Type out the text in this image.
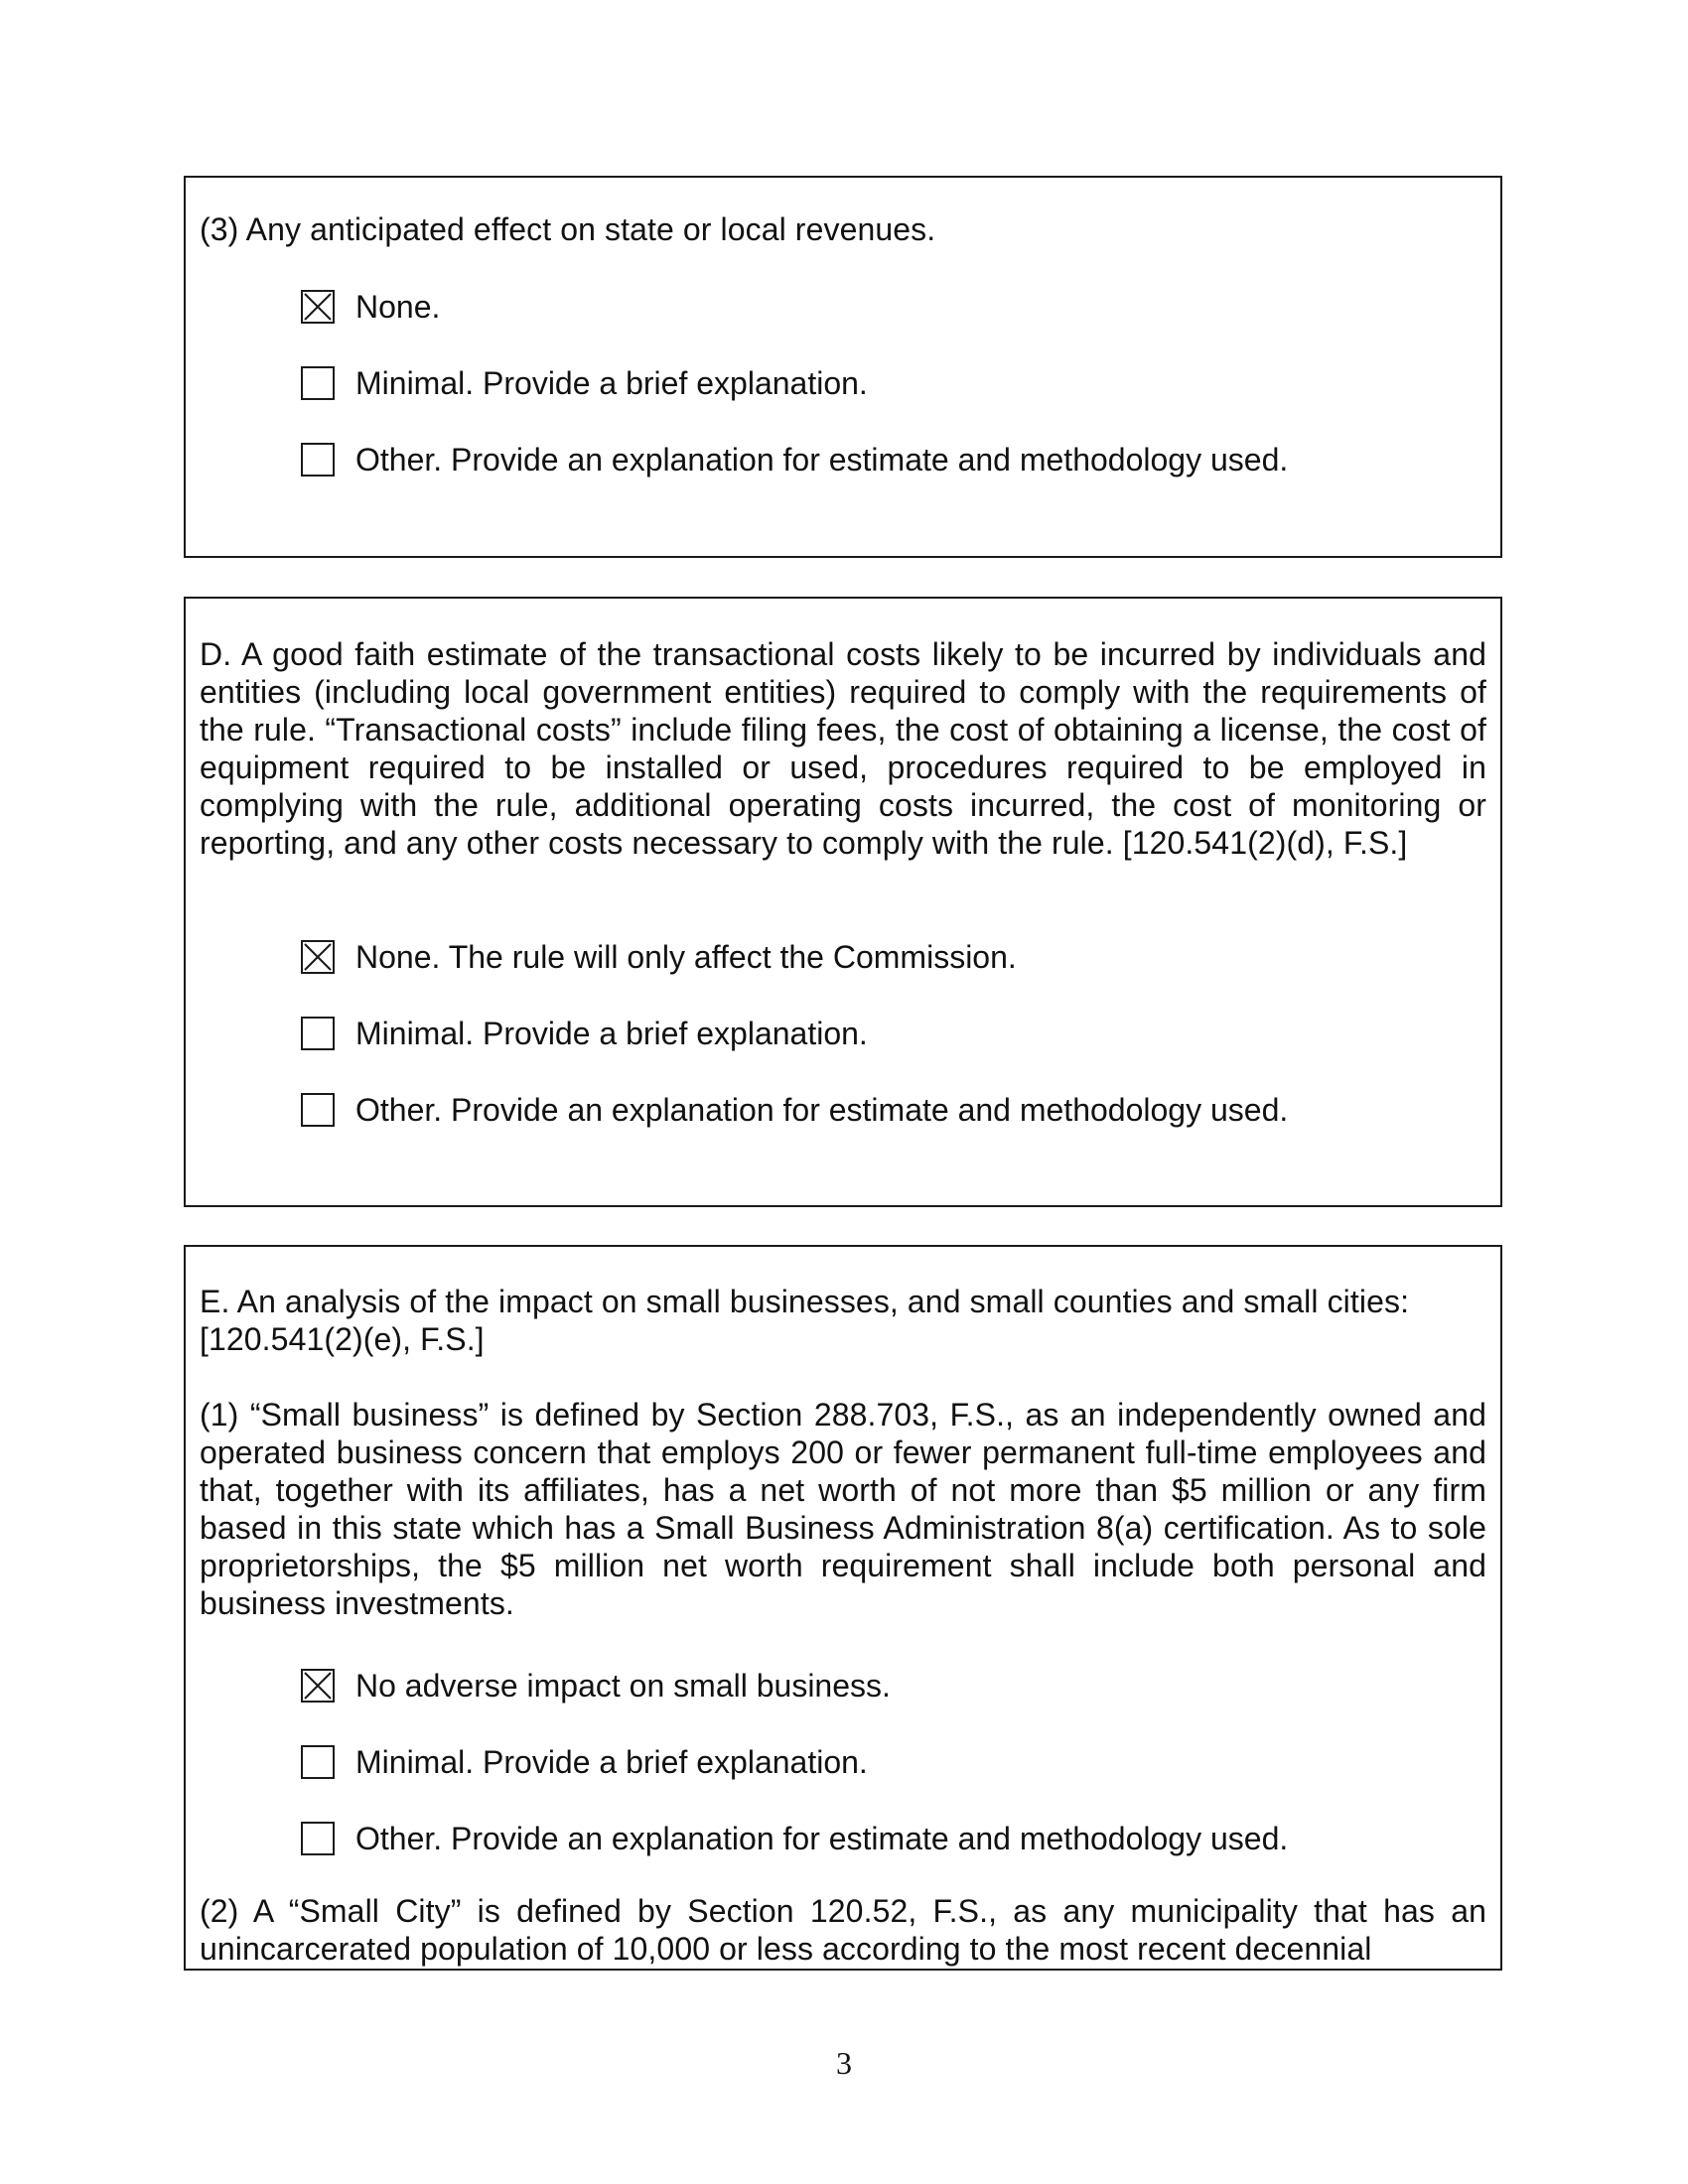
(3) Any anticipated effect on state or local revenues.

None.
Minimal. Provide a brief explanation.
Other. Provide an explanation for estimate and methodology used.

D. A good faith estimate of the transactional costs likely to be incurred by individuals and entities (including local government entities) required to comply with the requirements of the rule. “Transactional costs” include filing fees, the cost of obtaining a license, the cost of equipment required to be installed or used, procedures required to be employed in complying with the rule, additional operating costs incurred, the cost of monitoring or reporting, and any other costs necessary to comply with the rule. [120.541(2)(d), F.S.]

None. The rule will only affect the Commission.
Minimal. Provide a brief explanation.
Other. Provide an explanation for estimate and methodology used.

E. An analysis of the impact on small businesses, and small counties and small cities: [120.541(2)(e), F.S.]

(1) “Small business” is defined by Section 288.703, F.S., as an independently owned and operated business concern that employs 200 or fewer permanent full-time employees and that, together with its affiliates, has a net worth of not more than $5 million or any firm based in this state which has a Small Business Administration 8(a) certification. As to sole proprietorships, the $5 million net worth requirement shall include both personal and business investments.

No adverse impact on small business.
Minimal. Provide a brief explanation.
Other. Provide an explanation for estimate and methodology used.

(2) A “Small City” is defined by Section 120.52, F.S., as any municipality that has an unincarcerated population of 10,000 or less according to the most recent decennial

3
